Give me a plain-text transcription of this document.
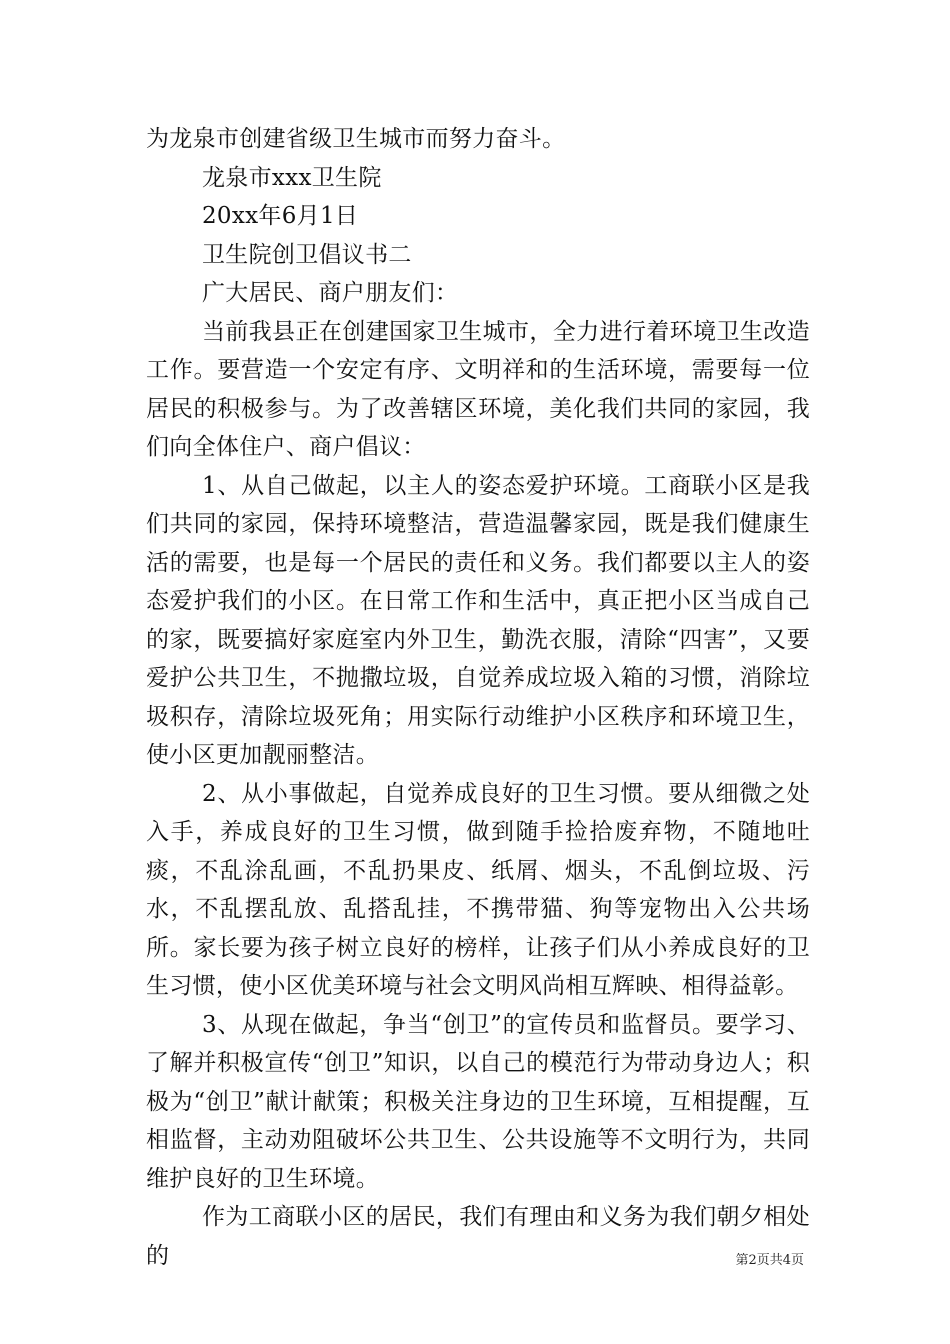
为龙泉市创建省级卫生城市而努力奋斗。

龙泉市xxx卫生院

20xx年6月1日

卫生院创卫倡议书二

广大居民、商户朋友们：

当前我县正在创建国家卫生城市，全力进行着环境卫生改造工作。要营造一个安定有序、文明祥和的生活环境，需要每一位居民的积极参与。为了改善辖区环境，美化我们共同的家园，我们向全体住户、商户倡议：

1、从自己做起，以主人的姿态爱护环境。工商联小区是我们共同的家园，保持环境整洁，营造温馨家园，既是我们健康生活的需要，也是每一个居民的责任和义务。我们都要以主人的姿态爱护我们的小区。在日常工作和生活中，真正把小区当成自己的家，既要搞好家庭室内外卫生，勤洗衣服，清除“四害”，又要爱护公共卫生，不抛撒垃圾，自觉养成垃圾入箱的习惯，消除垃圾积存，清除垃圾死角；用实际行动维护小区秩序和环境卫生，使小区更加靓丽整洁。

2、从小事做起，自觉养成良好的卫生习惯。要从细微之处入手，养成良好的卫生习惯，做到随手捡拾废弃物，不随地吐痰，不乱涂乱画，不乱扔果皮、纸屑、烟头，不乱倒垃圾、污水，不乱摆乱放、乱搭乱挂，不携带猫、狗等宠物出入公共场所。家长要为孩子树立良好的榜样，让孩子们从小养成良好的卫生习惯，使小区优美环境与社会文明风尚相互辉映、相得益彰。

3、从现在做起，争当“创卫”的宣传员和监督员。要学习、了解并积极宣传“创卫”知识，以自己的模范行为带动身边人；积极为“创卫”献计献策；积极关注身边的卫生环境，互相提醒，互相监督，主动劝阻破坏公共卫生、公共设施等不文明行为，共同维护良好的卫生环境。

作为工商联小区的居民，我们有理由和义务为我们朝夕相处的	第2页共4页
